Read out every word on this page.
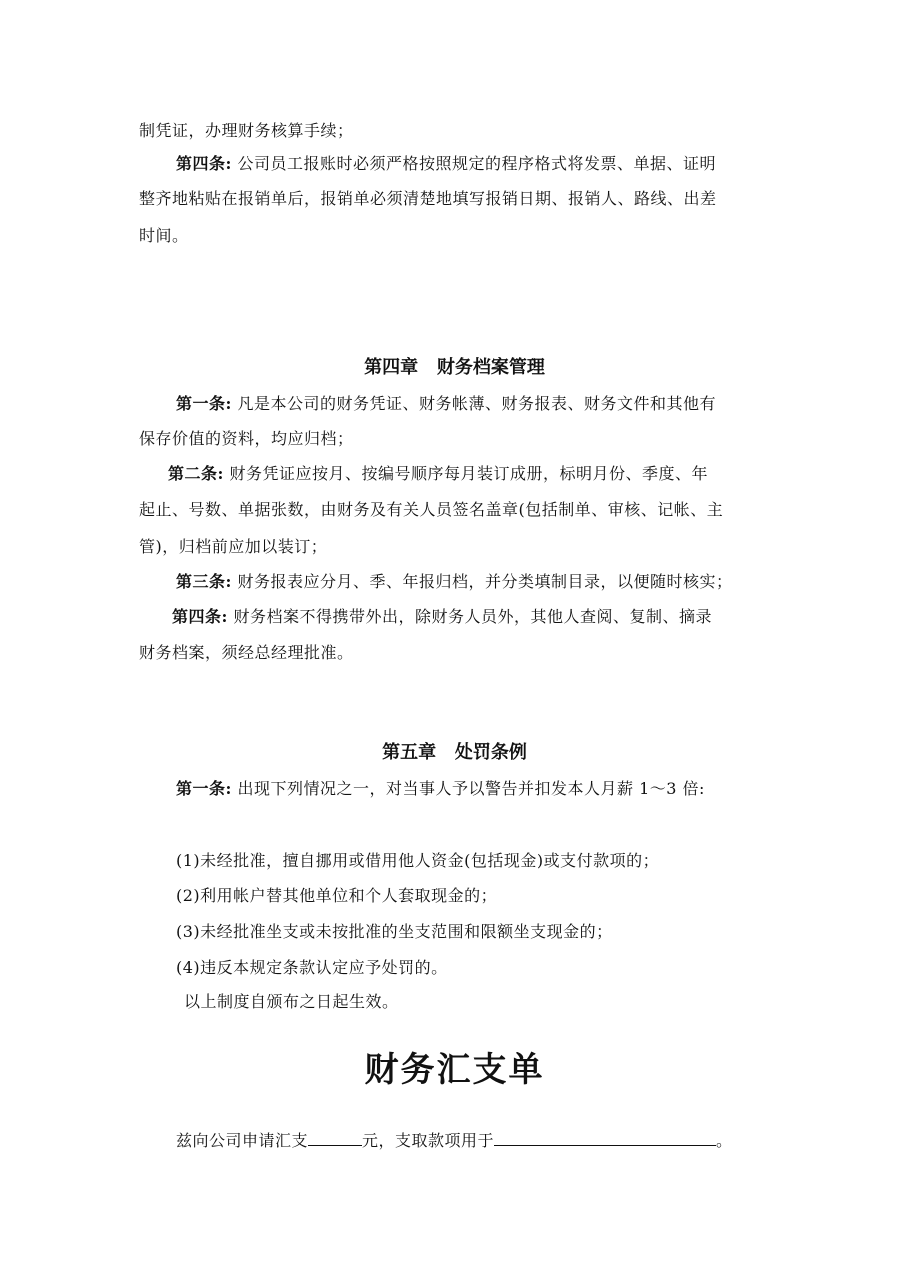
制凭证，办理财务核算手续；
第四条: 公司员工报账时必须严格按照规定的程序格式将发票、单据、证明
整齐地粘贴在报销单后，报销单必须清楚地填写报销日期、报销人、路线、出差
时间。
第四章   财务档案管理
第一条: 凡是本公司的财务凭证、财务帐薄、财务报表、财务文件和其他有
保存价值的资料，均应归档；
第二条: 财务凭证应按月、按编号顺序每月装订成册，标明月份、季度、年
起止、号数、单据张数，由财务及有关人员签名盖章(包括制单、审核、记帐、主
管)，归档前应加以装订；
第三条: 财务报表应分月、季、年报归档，并分类填制目录，以便随时核实；
第四条: 财务档案不得携带外出，除财务人员外，其他人查阅、复制、摘录
财务档案，须经总经理批准。
第五章   处罚条例
第一条: 出现下列情况之一，对当事人予以警告并扣发本人月薪 1～3 倍:
(1)未经批准，擅自挪用或借用他人资金(包括现金)或支付款项的；
(2)利用帐户替其他单位和个人套取现金的；
(3)未经批准坐支或未按批准的坐支范围和限额坐支现金的；
(4)违反本规定条款认定应予处罚的。
以上制度自颁布之日起生效。
财务汇支单
兹向公司申请汇支	元，支取款项用于	。
